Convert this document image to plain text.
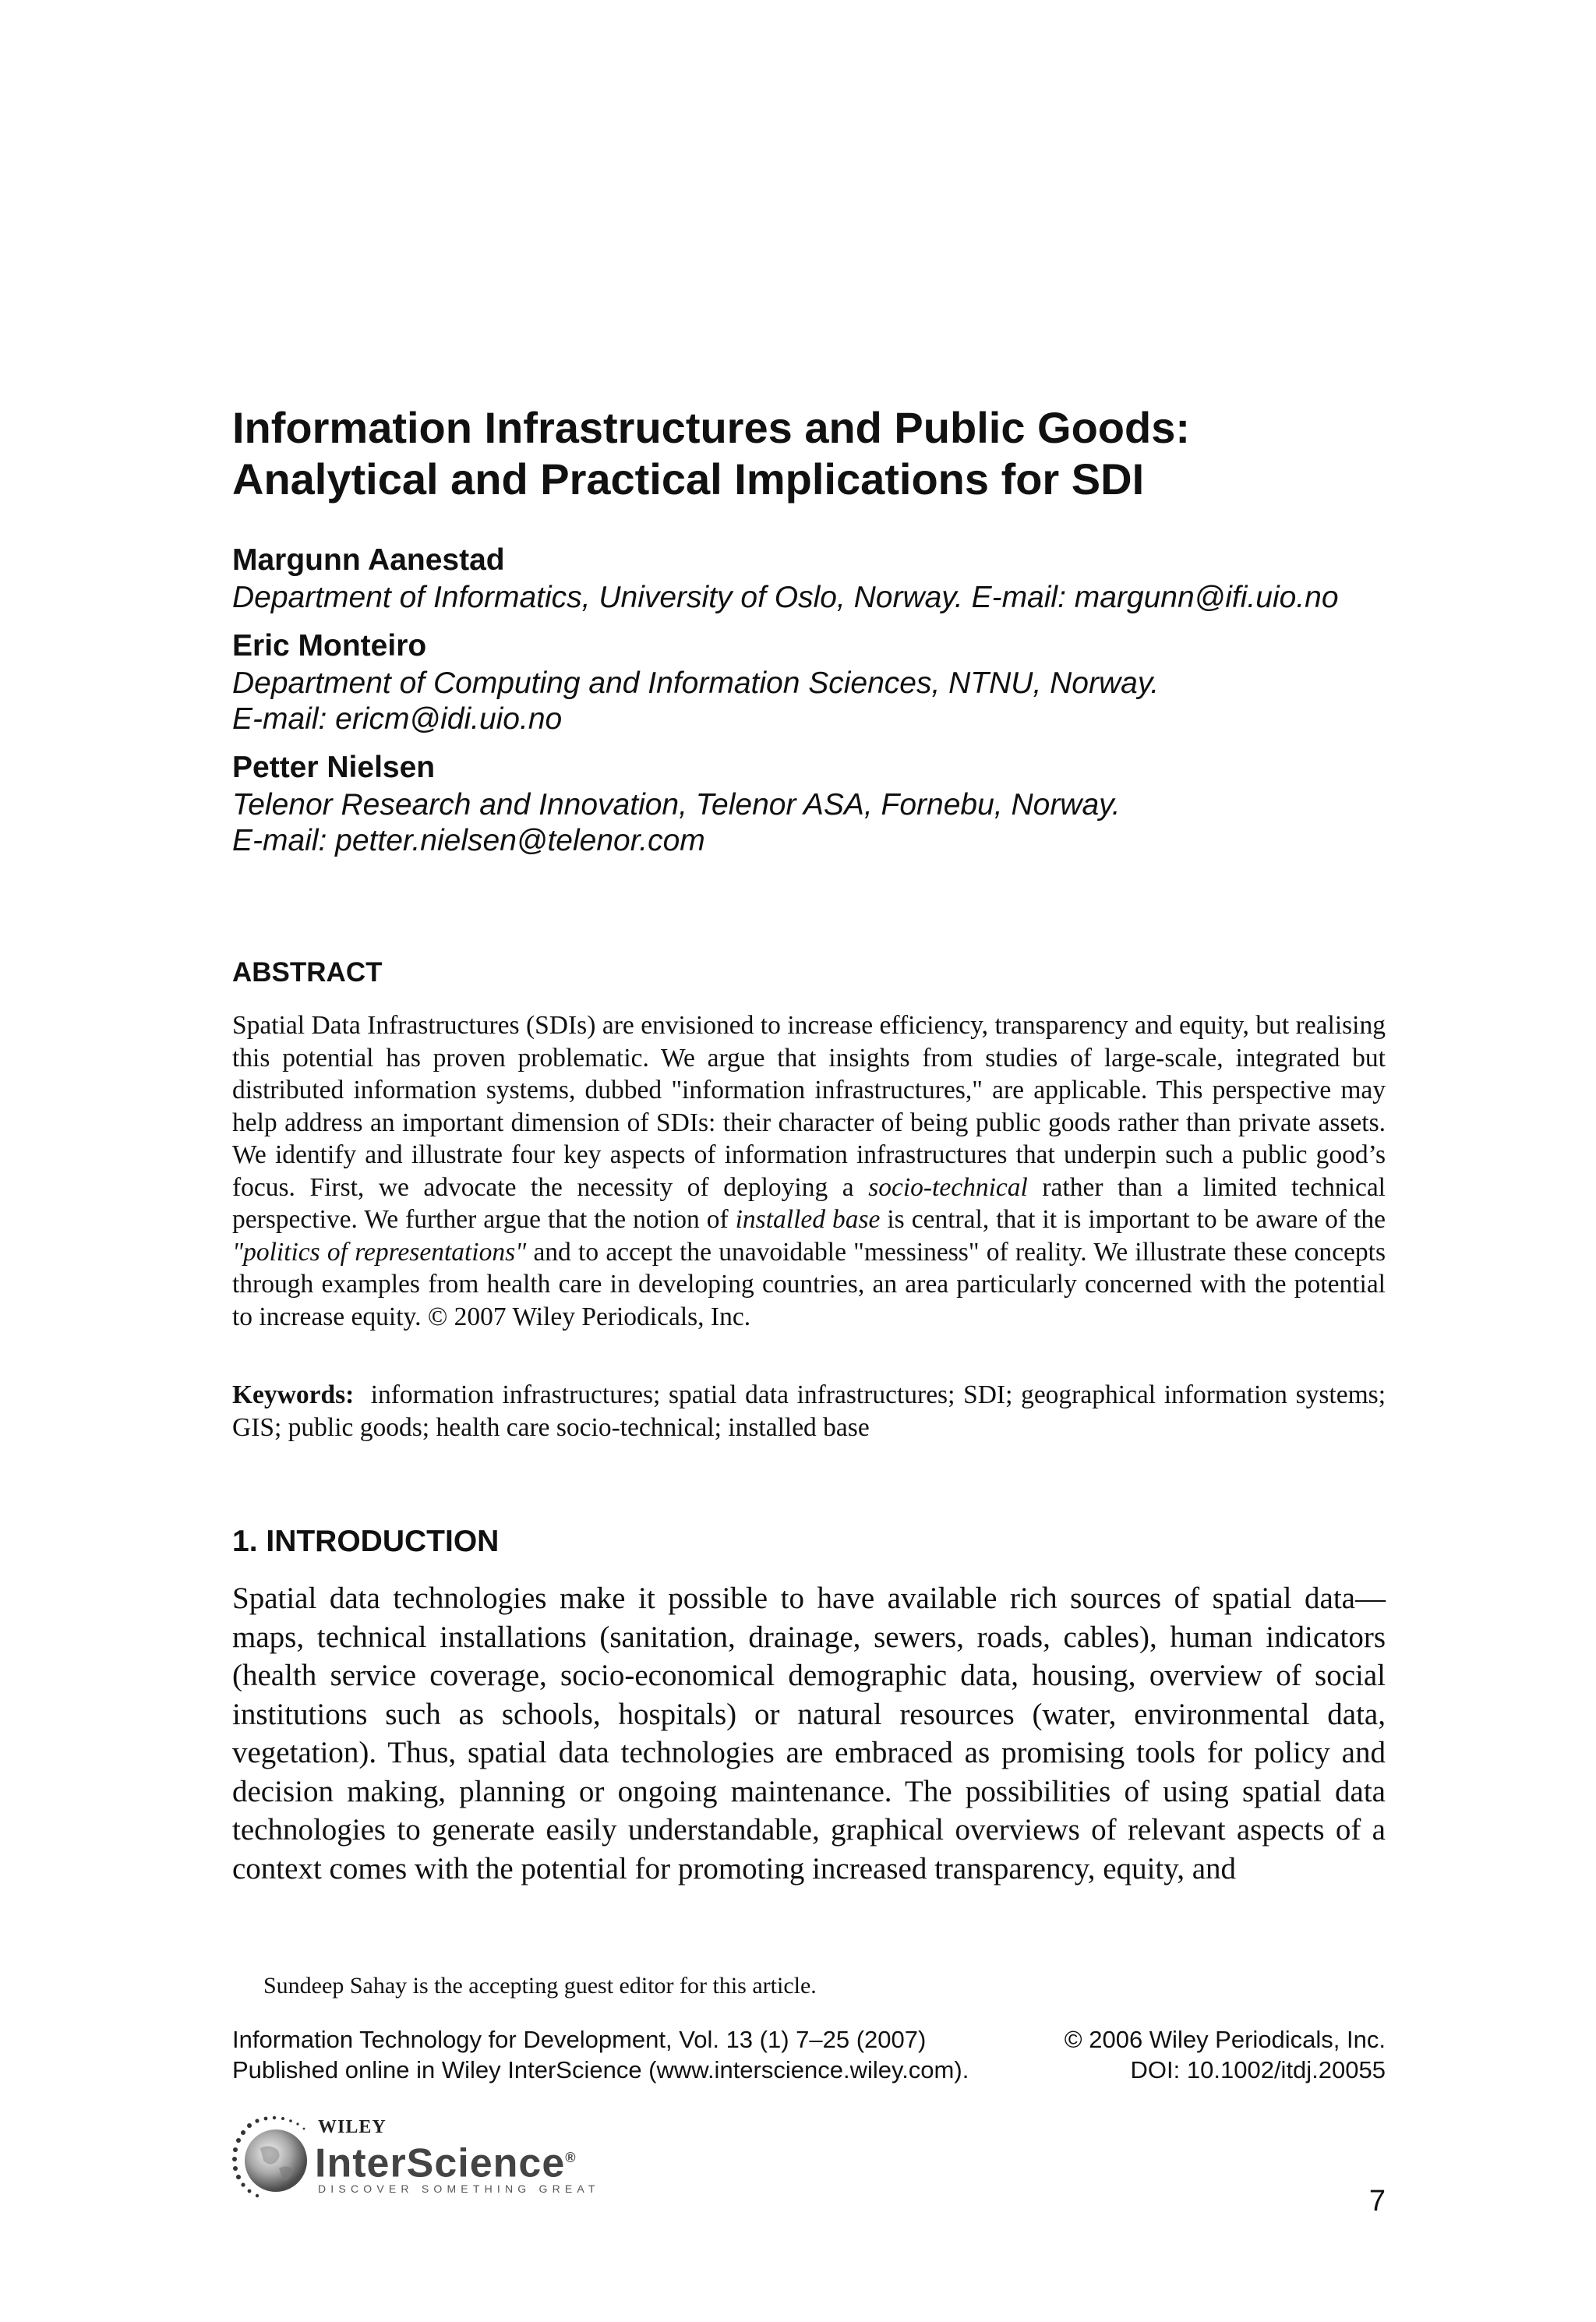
Information Infrastructures and Public Goods:
Analytical and Practical Implications for SDI
Margunn Aanestad
Department of Informatics, University of Oslo, Norway. E-mail: margunn@ifi.uio.no
Eric Monteiro
Department of Computing and Information Sciences, NTNU, Norway.
E-mail: ericm@idi.uio.no
Petter Nielsen
Telenor Research and Innovation, Telenor ASA, Fornebu, Norway.
E-mail: petter.nielsen@telenor.com
ABSTRACT

Spatial Data Infrastructures (SDIs) are envisioned to increase efficiency, transparency and equity, but realising this potential has proven problematic. We argue that insights from studies of large-scale, integrated but distributed information systems, dubbed "information infrastructures," are applicable. This perspective may help address an important dimension of SDIs: their character of being public goods rather than private assets. We identify and illustrate four key aspects of information infrastructures that underpin such a public good’s focus. First, we advocate the necessity of deploying a socio-technical rather than a limited technical perspective. We further argue that the notion of installed base is central, that it is important to be aware of the "politics of representations" and to accept the unavoidable "messiness" of reality. We illustrate these concepts through examples from health care in developing countries, an area particularly concerned with the potential to increase equity. © 2007 Wiley Periodicals, Inc.

Keywords: information infrastructures; spatial data infrastructures; SDI; geographical information systems; GIS; public goods; health care socio-technical; installed base

1. INTRODUCTION

Spatial data technologies make it possible to have available rich sources of spatial data—maps, technical installations (sanitation, drainage, sewers, roads, cables), human indicators (health service coverage, socio-economical demographic data, housing, overview of social institutions such as schools, hospitals) or natural resources (water, environmental data, vegetation). Thus, spatial data technologies are embraced as promising tools for policy and decision making, planning or ongoing maintenance. The possibilities of using spatial data technologies to generate easily understandable, graphical overviews of relevant aspects of a context comes with the potential for promoting increased transparency, equity, and

Sundeep Sahay is the accepting guest editor for this article.

Information Technology for Development, Vol. 13 (1) 7–25 (2007)
Published online in Wiley InterScience (www.interscience.wiley.com).
© 2006 Wiley Periodicals, Inc.
DOI: 10.1002/itdj.20055
WILEY
InterScience®
DISCOVER SOMETHING GREAT	7
